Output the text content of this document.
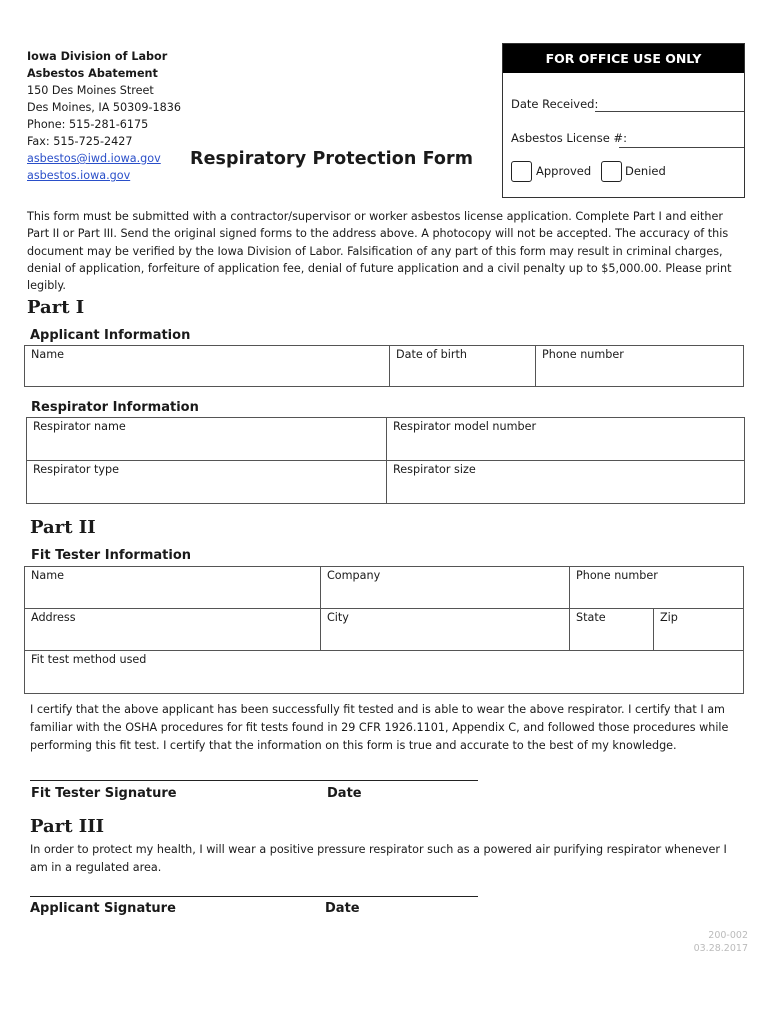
Iowa Division of Labor
Asbestos Abatement
150 Des Moines Street
Des Moines, IA 50309-1836
Phone: 515-281-6175
Fax: 515-725-2427
asbestos@iwd.iowa.gov
asbestos.iowa.gov
Respiratory Protection Form
FOR OFFICE USE ONLY
Date Received:
Asbestos License #:
Approved	Denied
This form must be submitted with a contractor/supervisor or worker asbestos license application. Complete Part I and either Part II or Part III. Send the original signed forms to the address above. A photocopy will not be accepted. The accuracy of this document may be verified by the Iowa Division of Labor. Falsification of any part of this form may result in criminal charges, denial of application, forfeiture of application fee, denial of future application and a civil penalty up to $5,000.00. Please print legibly.
Part I
Applicant Information
Name	Date of birth	Phone number
Respirator Information
Respirator name	Respirator model number
Respirator type	Respirator size
Part II
Fit Tester Information
Name	Company	Phone number	
Address	City	State	Zip
Fit test method used			
I certify that the above applicant has been successfully fit tested and is able to wear the above respirator. I certify that I am familiar with the OSHA procedures for fit tests found in 29 CFR 1926.1101, Appendix C, and followed those procedures while performing this fit test. I certify that the information on this form is true and accurate to the best of my knowledge.
Fit Tester Signature	Date
Part III
In order to protect my health, I will wear a positive pressure respirator such as a powered air purifying respirator whenever I am in a regulated area.
Applicant Signature	Date
200-002
03.28.2017
